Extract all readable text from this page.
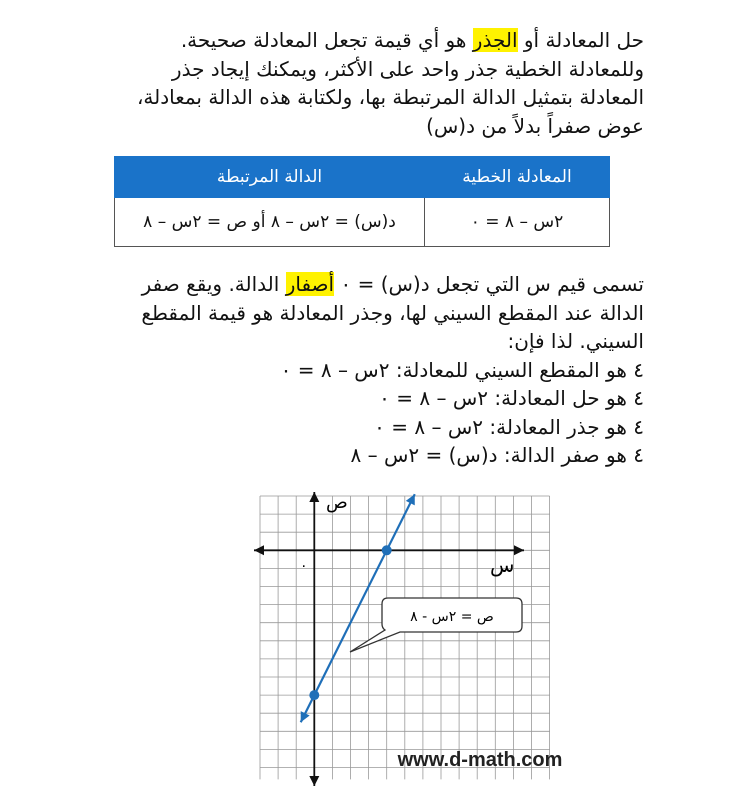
حل المعادلة أو الجذر هو أي قيمة تجعل المعادلة صحيحة. وللمعادلة الخطية جذر واحد على الأكثر، ويمكنك إيجاد جذر المعادلة بتمثيل الدالة المرتبطة بها، ولكتابة هذه الدالة بمعادلة، عوض صفراً بدلاً من د(س)
المعادلة الخطية	الدالة المرتبطة
٢س – ٨ = ٠	د(س) = ٢س – ٨ أو ص = ٢س – ٨
تسمى قيم س التي تجعل د(س) = ٠ أصفار الدالة. ويقع صفر الدالة عند المقطع السيني لها، وجذر المعادلة هو قيمة المقطع السيني. لذا فإن:
٤ هو المقطع السيني للمعادلة: ٢س – ٨ = ٠
٤ هو حل المعادلة: ٢س – ٨ = ٠
٤ هو جذر المعادلة: ٢س – ٨ = ٠
٤ هو صفر الدالة: د(س) = ٢س – ٨
س
ص
٠
ص = ٢س - ٨
www.d-math.com
